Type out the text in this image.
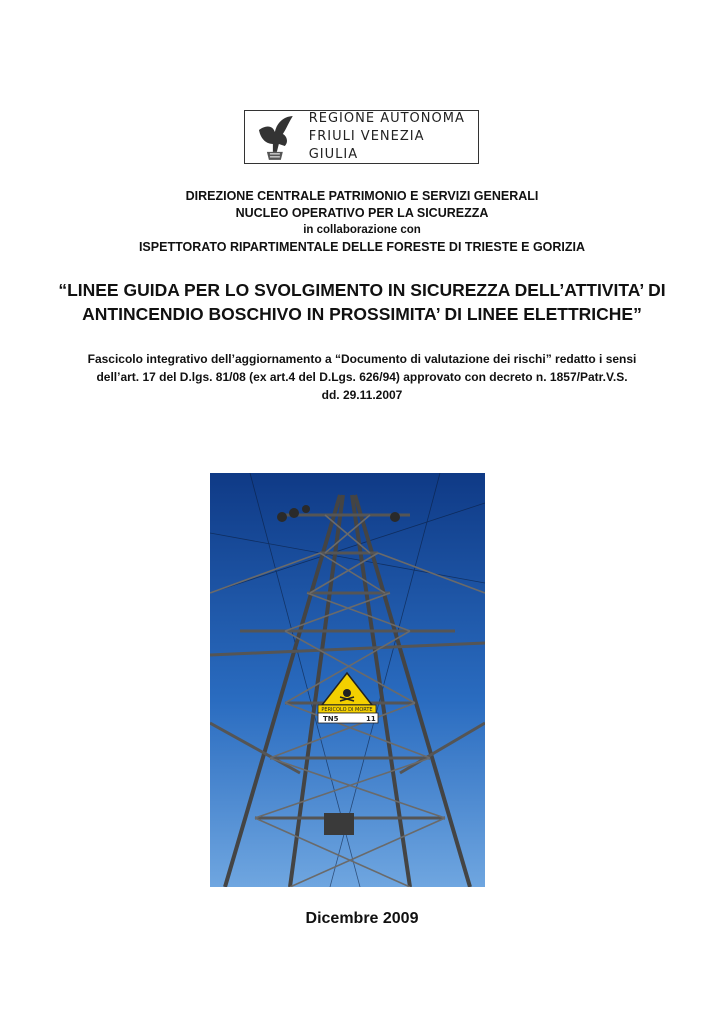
REGIONE AUTONOMA
FRIULI VENEZIA GIULIA
DIREZIONE CENTRALE PATRIMONIO E SERVIZI GENERALI
NUCLEO OPERATIVO PER LA SICUREZZA
in collaborazione con
ISPETTORATO RIPARTIMENTALE DELLE FORESTE DI TRIESTE E GORIZIA
“LINEE GUIDA PER LO SVOLGIMENTO IN SICUREZZA DELL’ATTIVITA’ DI
ANTINCENDIO BOSCHIVO IN PROSSIMITA’ DI LINEE ELETTRICHE”
Fascicolo integrativo dell’aggiornamento a “Documento di valutazione dei rischi” redatto i sensi
dell’art. 17 del D.lgs. 81/08 (ex art.4 del D.Lgs. 626/94) approvato con decreto n. 1857/Patr.V.S.
dd. 29.11.2007
PERICOLO DI MORTE
TN5	11
Dicembre 2009
